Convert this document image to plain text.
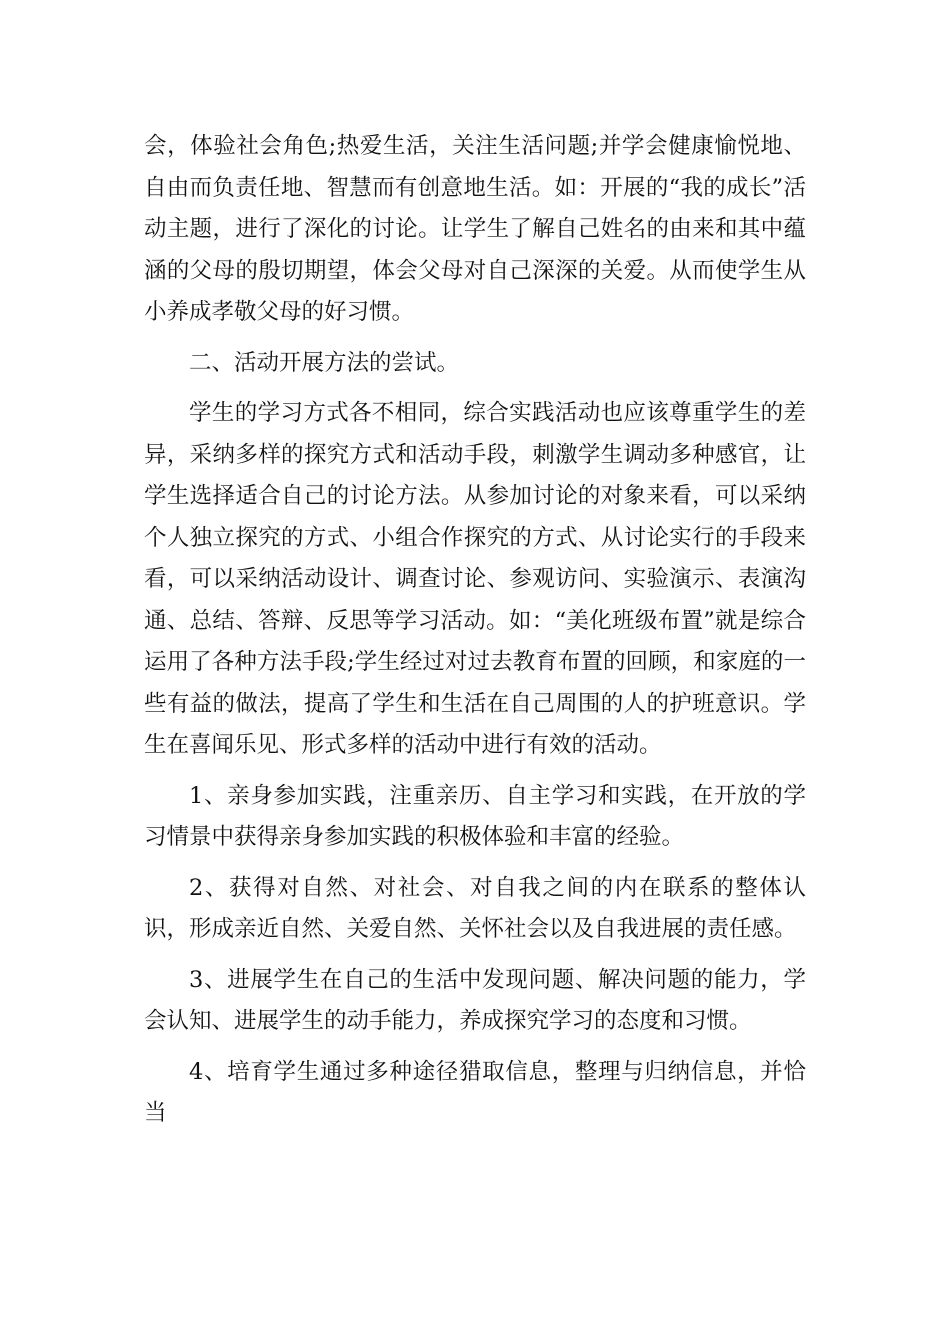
会，体验社会角色;热爱生活，关注生活问题;并学会健康愉悦地、自由而负责任地、智慧而有创意地生活。如：开展的“我的成长”活动主题，进行了深化的讨论。让学生了解自己姓名的由来和其中蕴涵的父母的殷切期望，体会父母对自己深深的关爱。从而使学生从小养成孝敬父母的好习惯。

二、活动开展方法的尝试。

学生的学习方式各不相同，综合实践活动也应该尊重学生的差异，采纳多样的探究方式和活动手段，刺激学生调动多种感官，让学生选择适合自己的讨论方法。从参加讨论的对象来看，可以采纳个人独立探究的方式、小组合作探究的方式、从讨论实行的手段来看，可以采纳活动设计、调查讨论、参观访问、实验演示、表演沟通、总结、答辩、反思等学习活动。如：“美化班级布置”就是综合运用了各种方法手段;学生经过对过去教育布置的回顾，和家庭的一些有益的做法，提高了学生和生活在自己周围的人的护班意识。学生在喜闻乐见、形式多样的活动中进行有效的活动。

1、亲身参加实践，注重亲历、自主学习和实践，在开放的学习情景中获得亲身参加实践的积极体验和丰富的经验。

2、获得对自然、对社会、对自我之间的内在联系的整体认识，形成亲近自然、关爱自然、关怀社会以及自我进展的责任感。

3、进展学生在自己的生活中发现问题、解决问题的能力，学会认知、进展学生的动手能力，养成探究学习的态度和习惯。

4、培育学生通过多种途径猎取信息，整理与归纳信息，并恰当
